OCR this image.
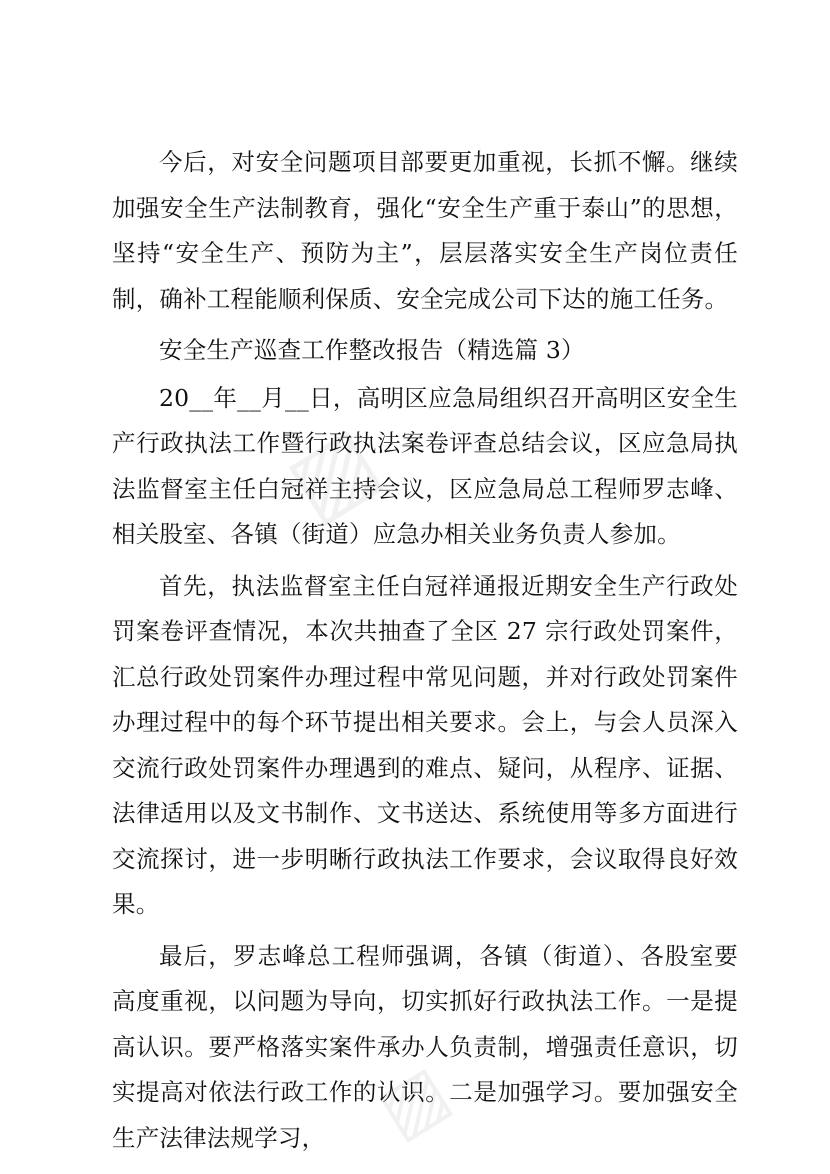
▨
▨

今后，对安全问题项目部要更加重视，长抓不懈。继续加强安全生产法制教育，强化“安全生产重于泰山”的思想，坚持“安全生产、预防为主”，层层落实安全生产岗位责任制，确补工程能顺利保质、安全完成公司下达的施工任务。

安全生产巡查工作整改报告（精选篇 3）

20__年__月__日，高明区应急局组织召开高明区安全生产行政执法工作暨行政执法案卷评查总结会议，区应急局执法监督室主任白冠祥主持会议，区应急局总工程师罗志峰、相关股室、各镇（街道）应急办相关业务负责人参加。

首先，执法监督室主任白冠祥通报近期安全生产行政处罚案卷评查情况，本次共抽查了全区 27 宗行政处罚案件，汇总行政处罚案件办理过程中常见问题，并对行政处罚案件办理过程中的每个环节提出相关要求。会上，与会人员深入交流行政处罚案件办理遇到的难点、疑问，从程序、证据、法律适用以及文书制作、文书送达、系统使用等多方面进行交流探讨，进一步明晰行政执法工作要求，会议取得良好效果。

最后，罗志峰总工程师强调，各镇（街道）、各股室要高度重视，以问题为导向，切实抓好行政执法工作。一是提高认识。要严格落实案件承办人负责制，增强责任意识，切实提高对依法行政工作的认识。二是加强学习。要加强安全生产法律法规学习，
